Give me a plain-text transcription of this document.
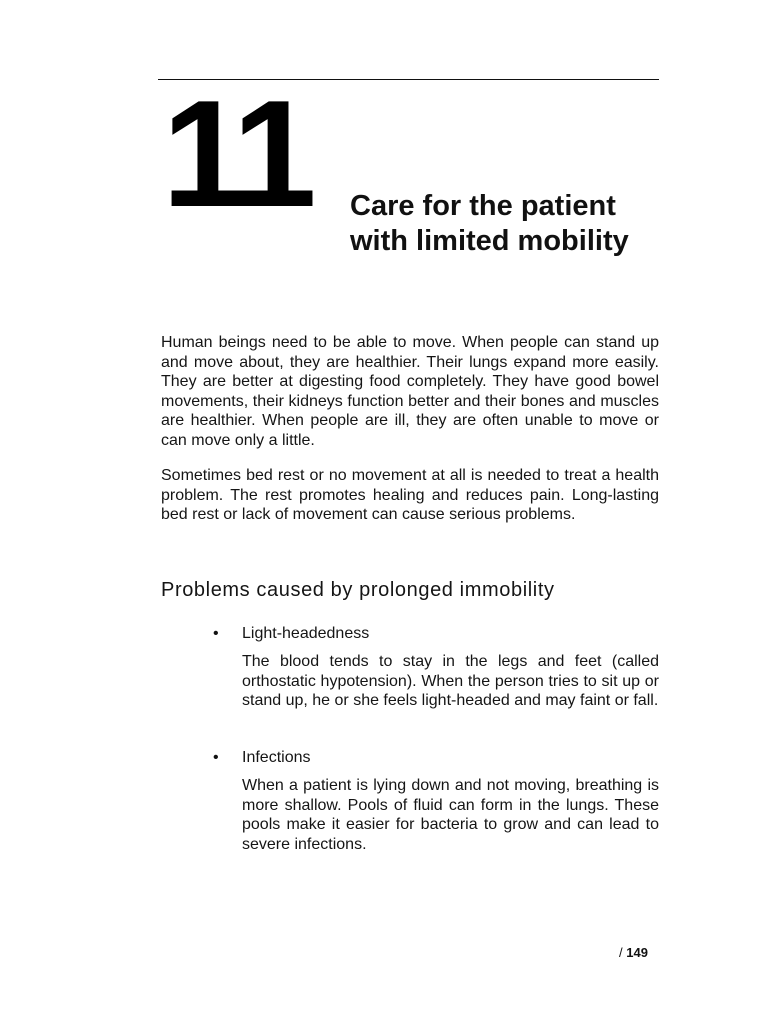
11 Care for the patient
with limited mobility

Human beings need to be able to move. When people can stand up and move about, they are healthier. Their lungs expand more easily. They are better at digesting food completely. They have good bowel movements, their kidneys function better and their bones and muscles are healthier. When people are ill, they are often unable to move or can move only a little.

Sometimes bed rest or no movement at all is needed to treat a health problem. The rest promotes healing and reduces pain. Long-lasting bed rest or lack of movement can cause serious problems.

Problems caused by prolonged immobility
• Light-headedness

The blood tends to stay in the legs and feet (called orthostatic hypotension). When the person tries to sit up or stand up, he or she feels light-headed and may faint or fall.

• Infections

When a patient is lying down and not moving, breathing is more shallow. Pools of fluid can form in the lungs. These pools make it easier for bacteria to grow and can lead to severe infections.

/ 149
